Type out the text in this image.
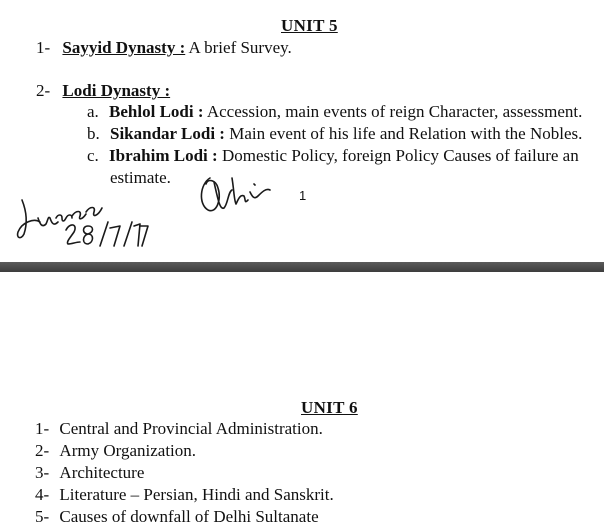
UNIT 5
1- Sayyid Dynasty : A brief Survey.
2- Lodi Dynasty :
a. Behlol Lodi : Accession, main events of reign Character, assessment.
b. Sikandar Lodi : Main event of his life and Relation with the Nobles.
c. Ibrahim Lodi : Domestic Policy, foreign Policy Causes of failure an
estimate.
1
UNIT 6
1- Central and Provincial Administration.
2- Army Organization.
3- Architecture
4- Literature – Persian, Hindi and Sanskrit.
5- Causes of downfall of Delhi Sultanate
